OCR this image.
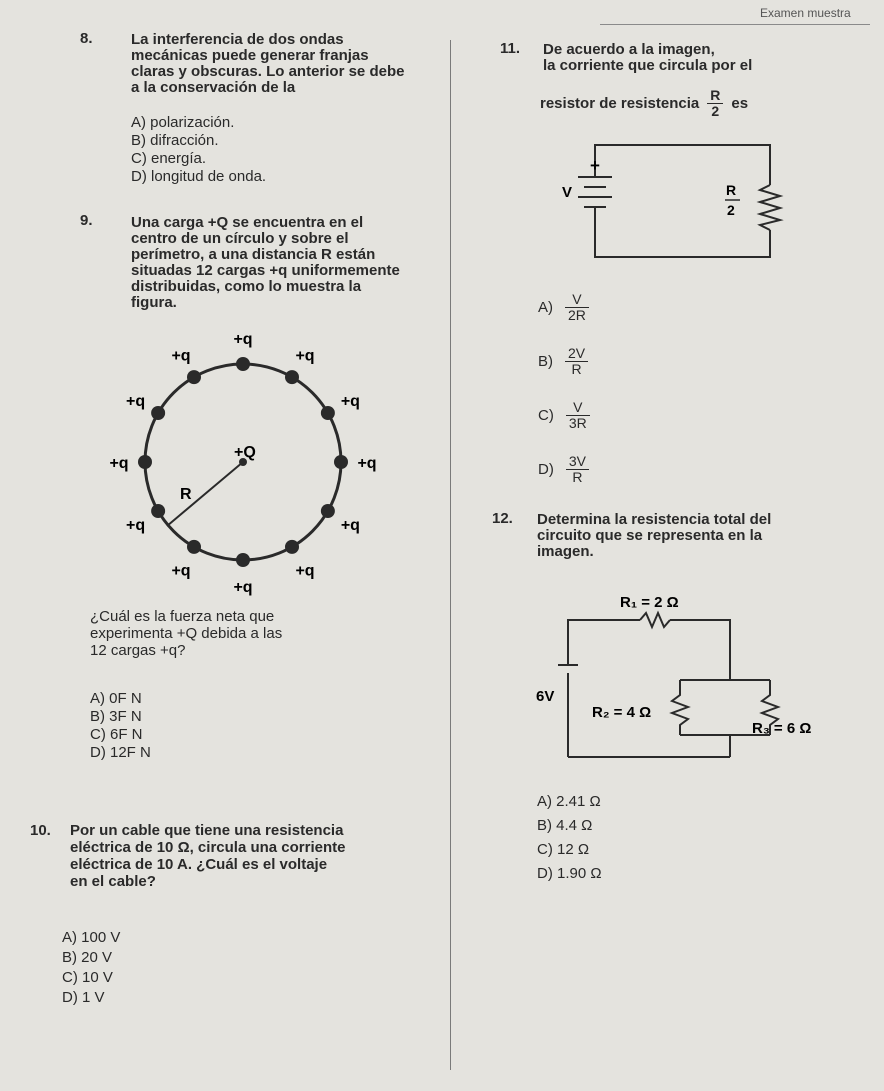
Examen muestra
8.	La interferencia de dos ondas
mecánicas puede generar franjas
claras y obscuras. Lo anterior se debe
a la conservación de la
A) polarización.
B) difracción.
C) energía.
D) longitud de onda.
9.	Una carga +Q se encuentra en el
centro de un círculo y sobre el
perímetro, a una distancia R están
situadas 12 cargas +q uniformemente
distribuidas, como lo muestra la
figura.
+q
+q
+q
+q
+q
+q
+q
+q
+q
+q
+q
+q
+Q
R
¿Cuál es la fuerza neta que
experimenta +Q debida a las
12 cargas +q?
A) 0F N
B) 3F N
C) 6F N
D) 12F N
10. Por un cable que tiene una resistencia
eléctrica de 10 Ω, circula una corriente
eléctrica de 10 A. ¿Cuál es el voltaje
en el cable?
A) 100 V
B) 20 V
C) 10 V
D) 1 V
11. De acuerdo a la imagen,
la corriente que circula por el
resistor de resistencia $\frac{R}{2}$ es
+
V	R
2
$A) \frac{V}{2R}$
$B) \frac{2V}{R}$
$C) \frac{V}{3R}$
$D) \frac{3V}{R}$
12. Determina la resistencia total del
circuito que se representa en la
imagen.
R₁ = 2 Ω
6V
R₂ = 4 Ω
R₃ = 6 Ω
A) 2.41 Ω
B) 4.4 Ω
C) 12 Ω
D) 1.90 Ω
